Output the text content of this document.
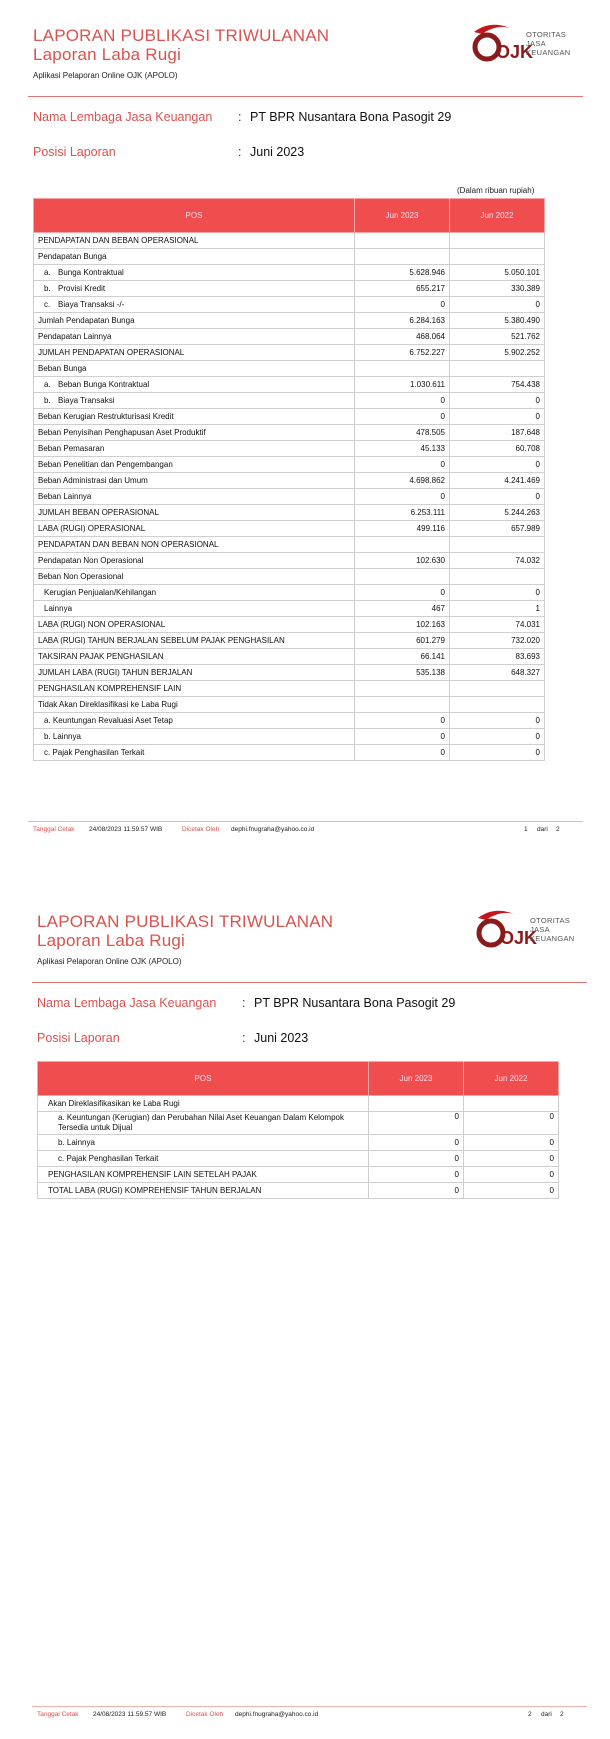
LAPORAN PUBLIKASI TRIWULANAN
Laporan Laba Rugi
Aplikasi Pelaporan Online OJK (APOLO)
OJK
OTORITAS
JASA
KEUANGAN
Nama Lembaga Jasa Keuangan : PT BPR Nusantara Bona Pasogit 29
Posisi Laporan	: Juni 2023
(Dalam ribuan rupiah)
POS	Jun 2023	Jun 2022
PENDAPATAN DAN BEBAN OPERASIONAL		
Pendapatan Bunga		
a. Bunga Kontraktual	5.628.946	5.050.101
b. Provisi Kredit	655.217	330.389
c. Biaya Transaksi -/-	0	0
Jumlah Pendapatan Bunga	6.284.163	5.380.490
Pendapatan Lainnya	468.064	521.762
JUMLAH PENDAPATAN OPERASIONAL	6.752.227	5.902.252
Beban Bunga		
a. Beban Bunga Kontraktual	1.030.611	754.438
b. Biaya Transaksi	0	0
Beban Kerugian Restrukturisasi Kredit	0	0
Beban Penyisihan Penghapusan Aset Produktif	478.505	187.648
Beban Pemasaran	45.133	60.708
Beban Penelitian dan Pengembangan	0	0
Beban Administrasi dan Umum	4.698.862	4.241.469
Beban Lainnya	0	0
JUMLAH BEBAN OPERASIONAL	6.253.111	5.244.263
LABA (RUGI) OPERASIONAL	499.116	657.989
PENDAPATAN DAN BEBAN NON OPERASIONAL		
Pendapatan Non Operasional	102.630	74.032
Beban Non Operasional		
Kerugian Penjualan/Kehilangan	0	0
Lainnya	467	1
LABA (RUGI) NON OPERASIONAL	102.163	74.031
LABA (RUGI) TAHUN BERJALAN SEBELUM PAJAK PENGHASILAN	601.279	732.020
TAKSIRAN PAJAK PENGHASILAN	66.141	83.693
JUMLAH LABA (RUGI) TAHUN BERJALAN	535.138	648.327
PENGHASILAN KOMPREHENSIF LAIN		
Tidak Akan Direklasifikasi ke Laba Rugi		
a. Keuntungan Revaluasi Aset Tetap	0	0
b. Lainnya	0	0
c. Pajak Penghasilan Terkait	0	0
Tanggal Cetak 24/08/2023 11.59.57 WIB	Dicetak Oleh dephi.fnugraha@yahoo.co.id	1 dari 2
LAPORAN PUBLIKASI TRIWULANAN
Laporan Laba Rugi
Aplikasi Pelaporan Online OJK (APOLO)
OJK
OTORITAS
JASA
KEUANGAN
Nama Lembaga Jasa Keuangan : PT BPR Nusantara Bona Pasogit 29
Posisi Laporan	: Juni 2023
POS	Jun 2023	Jun 2022
Akan Direklasifikasikan ke Laba Rugi		
a. Keuntungan (Kerugian) dan Perubahan Nilai Aset Keuangan Dalam Kelompok Tersedia untuk Dijual	0	0
b. Lainnya	0	0
c. Pajak Penghasilan Terkait	0	0
PENGHASILAN KOMPREHENSIF LAIN SETELAH PAJAK	0	0
TOTAL LABA (RUGI) KOMPREHENSIF TAHUN BERJALAN	0	0
Tanggal Cetak 24/08/2023 11.59.57 WIB	Dicetak Oleh dephi.fnugraha@yahoo.co.id	2 dari 2
